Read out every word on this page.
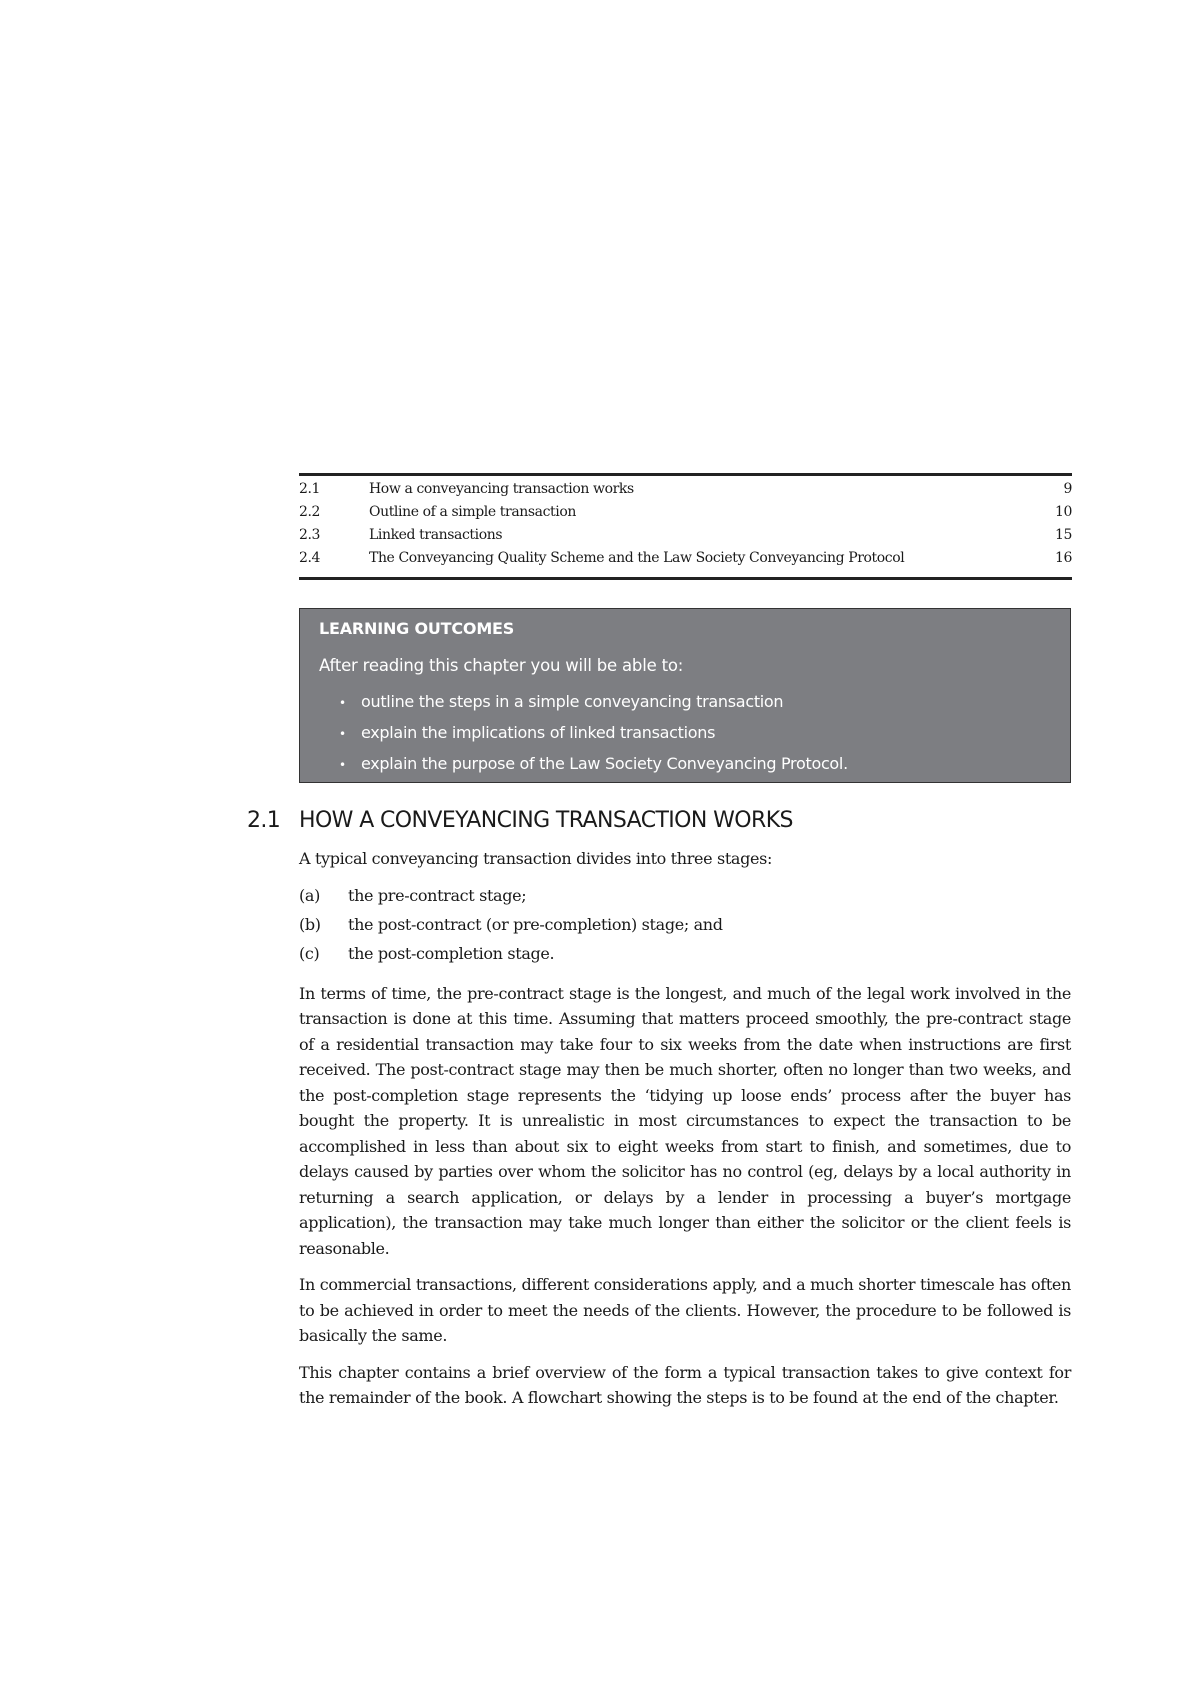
2.1	How a conveyancing transaction works	9
2.2	Outline of a simple transaction	10
2.3	Linked transactions	15
2.4	The Conveyancing Quality Scheme and the Law Society Conveyancing Protocol	16
LEARNING OUTCOMES
After reading this chapter you will be able to:
• outline the steps in a simple conveyancing transaction
• explain the implications of linked transactions
• explain the purpose of the Law Society Conveyancing Protocol.
2.1 HOW A CONVEYANCING TRANSACTION WORKS

A typical conveyancing transaction divides into three stages:

(a)	the pre-contract stage;
(b)	the post-contract (or pre-completion) stage; and
(c)	the post-completion stage.

In terms of time, the pre-contract stage is the longest, and much of the legal work involved in the transaction is done at this time. Assuming that matters proceed smoothly, the pre-contract stage of a residential transaction may take four to six weeks from the date when instructions are first received. The post-contract stage may then be much shorter, often no longer than two weeks, and the post-completion stage represents the ‘tidying up loose ends’ process after the buyer has bought the property. It is unrealistic in most circumstances to expect the transaction to be accomplished in less than about six to eight weeks from start to finish, and sometimes, due to delays caused by parties over whom the solicitor has no control (eg, delays by a local authority in returning a search application, or delays by a lender in processing a buyer’s mortgage application), the transaction may take much longer than either the solicitor or the client feels is reasonable.

In commercial transactions, different considerations apply, and a much shorter timescale has often to be achieved in order to meet the needs of the clients. However, the procedure to be followed is basically the same.

This chapter contains a brief overview of the form a typical transaction takes to give context for the remainder of the book. A flowchart showing the steps is to be found at the end of the chapter.
